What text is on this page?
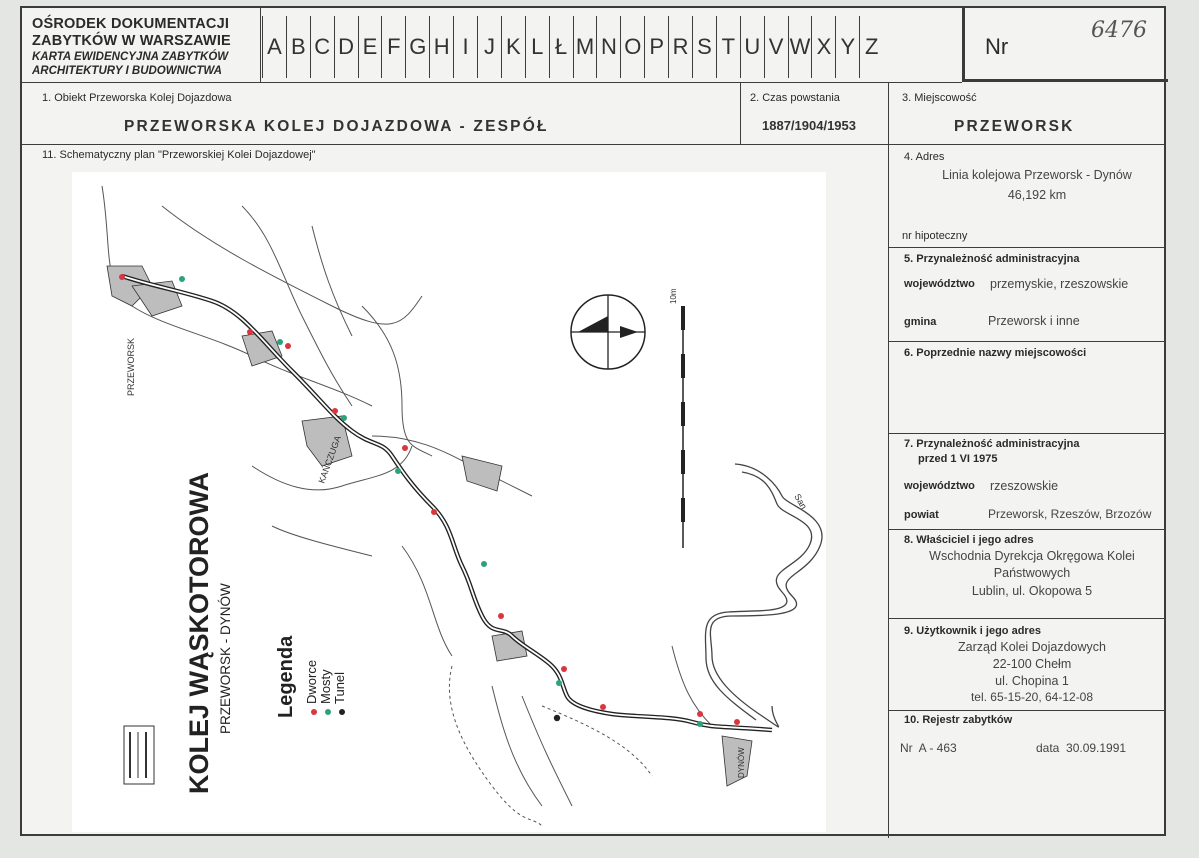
OŚRODEK DOKUMENTACJI
ZABYTKÓW W WARSZAWIE
KARTA EWIDENCYJNA ZABYTKÓW
ARCHITEKTURY I BUDOWNICTWA
A B C D E F G H I J K L Ł M N O P R S T U V W X Y Z	Nr
6476
1. Obiekt Przeworska Kolej Dojazdowa
PRZEWORSKA KOLEJ DOJAZDOWA - ZESPÓŁ
2. Czas powstania
1887/1904/1953
3. Miejscowość
PRZEWORSK
11. Schematyczny plan "Przeworskiej Kolei Dojazdowej"	4. Adres
Linia kolejowa Przeworsk - Dynów
46,192 km
nr hipoteczny
5. Przynależność administracyjna
województwo przemyskie, rzeszowskie
gmina	Przeworsk i inne
6. Poprzednie nazwy miejscowości
7. Przynależność administracyjna
przed 1 VI 1975
województwo rzeszowskie
powiat	Przeworsk, Rzeszów, Brzozów
8. Właściciel i jego adres
Wschodnia Dyrekcja Okręgowa Kolei
Państwowych
Lublin, ul. Okopowa 5
9. Użytkownik i jego adres
Zarząd Kolei Dojazdowych
22-100 Chełm
ul. Chopina 1
tel. 65-15-20, 64-12-08
10. Rejestr zabytków
Nr  A - 463	data  30.09.1991
San
10m
PRZEWORSK
KAŃCZUGA
DYNÓW
KOLEJ WĄSKOTOROWA PRZEWORSK - DYNÓW Legenda Dworce Mosty Tunel
